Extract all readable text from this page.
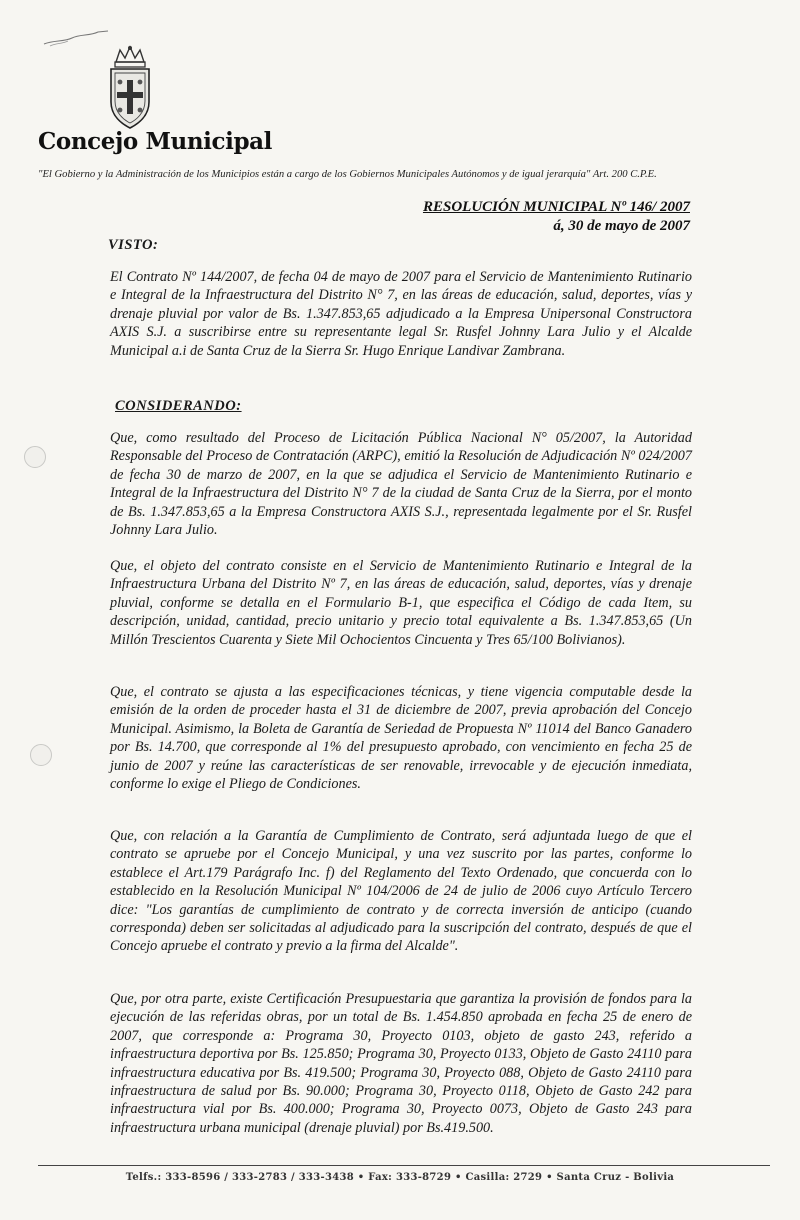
Concejo Municipal
"El Gobierno y la Administración de los Municipios están a cargo de los Gobiernos Municipales Autónomos y de igual jerarquía" Art. 200 C.P.E.
RESOLUCIÓN MUNICIPAL Nº 146/ 2007
á, 30 de mayo de 2007
VISTO:
El Contrato Nº 144/2007, de fecha 04 de mayo de 2007 para el Servicio de Mantenimiento Rutinario e Integral de la Infraestructura del Distrito N° 7, en las áreas de educación, salud, deportes, vías y drenaje pluvial por valor de Bs. 1.347.853,65 adjudicado a la Empresa Unipersonal Constructora AXIS S.J. a suscribirse entre su representante legal Sr. Rusfel Johnny Lara Julio y el Alcalde Municipal a.i de Santa Cruz de la Sierra Sr. Hugo Enrique Landivar Zambrana.
CONSIDERANDO:
Que, como resultado del Proceso de Licitación Pública Nacional N° 05/2007, la Autoridad Responsable del Proceso de Contratación (ARPC), emitió la Resolución de Adjudicación Nº 024/2007 de fecha 30 de marzo de 2007, en la que se adjudica el Servicio de Mantenimiento Rutinario e Integral de la Infraestructura del Distrito N° 7 de la ciudad de Santa Cruz de la Sierra, por el monto de Bs. 1.347.853,65 a la Empresa Constructora AXIS S.J., representada legalmente por el Sr. Rusfel Johnny Lara Julio.
Que, el objeto del contrato consiste en el Servicio de Mantenimiento Rutinario e Integral de la Infraestructura Urbana del Distrito Nº 7, en las áreas de educación, salud, deportes, vías y drenaje pluvial, conforme se detalla en el Formulario B-1, que especifica el Código de cada Item, su descripción, unidad, cantidad, precio unitario y precio total equivalente a Bs. 1.347.853,65 (Un Millón Trescientos Cuarenta y Siete Mil Ochocientos Cincuenta y Tres 65/100 Bolivianos).
Que, el contrato se ajusta a las especificaciones técnicas, y tiene vigencia computable desde la emisión de la orden de proceder hasta el 31 de diciembre de 2007, previa aprobación del Concejo Municipal. Asimismo, la Boleta de Garantía de Seriedad de Propuesta Nº 11014 del Banco Ganadero por Bs. 14.700, que corresponde al 1% del presupuesto aprobado, con vencimiento en fecha 25 de junio de 2007 y reúne las características de ser renovable, irrevocable y de ejecución inmediata, conforme lo exige el Pliego de Condiciones.
Que, con relación a la Garantía de Cumplimiento de Contrato, será adjuntada luego de que el contrato se apruebe por el Concejo Municipal, y una vez suscrito por las partes, conforme lo establece el Art.179 Parágrafo Inc. f) del Reglamento del Texto Ordenado, que concuerda con lo establecido en la Resolución Municipal Nº 104/2006 de 24 de julio de 2006 cuyo Artículo Tercero dice: "Los garantías de cumplimiento de contrato y de correcta inversión de anticipo (cuando corresponda) deben ser solicitadas al adjudicado para la suscripción del contrato, después de que el Concejo apruebe el contrato y previo a la firma del Alcalde".
Que, por otra parte, existe Certificación Presupuestaria que garantiza la provisión de fondos para la ejecución de las referidas obras, por un total de Bs. 1.454.850 aprobada en fecha 25 de enero de 2007, que corresponde a: Programa 30, Proyecto 0103, objeto de gasto 243, referido a infraestructura deportiva por Bs. 125.850; Programa 30, Proyecto 0133, Objeto de Gasto 24110 para infraestructura educativa por Bs. 419.500; Programa 30, Proyecto 088, Objeto de Gasto 24110 para infraestructura de salud por Bs. 90.000; Programa 30, Proyecto 0118, Objeto de Gasto 242 para infraestructura vial por Bs. 400.000; Programa 30, Proyecto 0073, Objeto de Gasto 243 para infraestructura urbana municipal (drenaje pluvial) por Bs.419.500.
Telfs.: 333-8596 / 333-2783 / 333-3438 • Fax: 333-8729 • Casilla: 2729 • Santa Cruz - Bolivia
